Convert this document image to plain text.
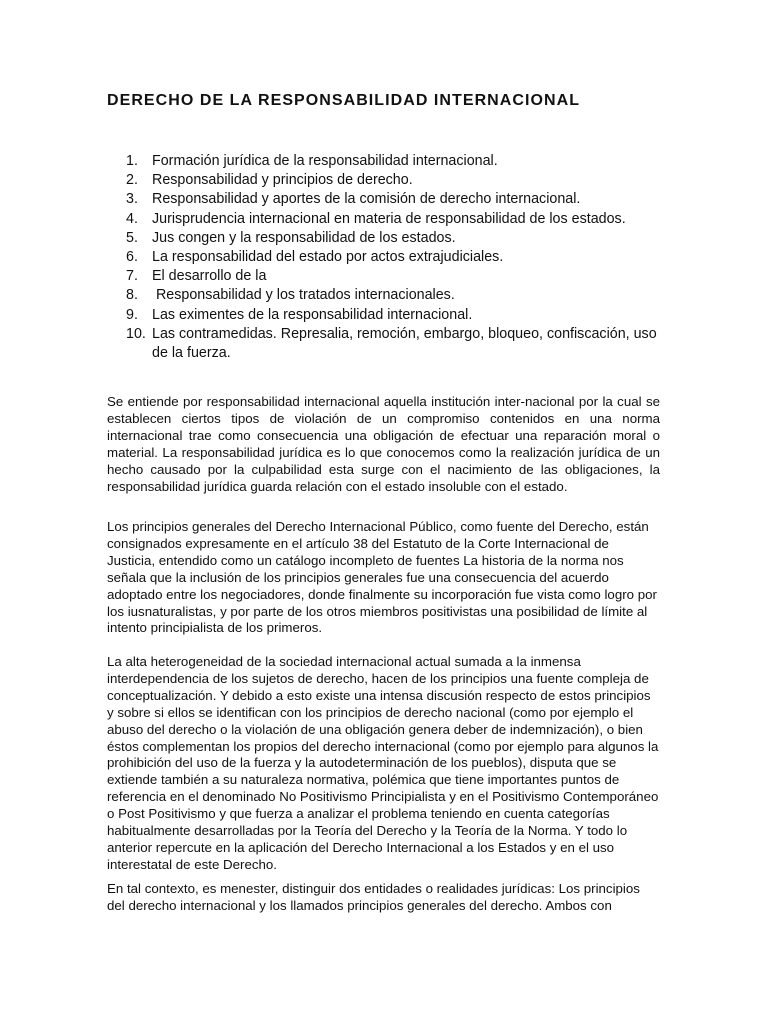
DERECHO DE LA RESPONSABILIDAD INTERNACIONAL
1. Formación jurídica de la responsabilidad internacional.
2. Responsabilidad y principios de derecho.
3. Responsabilidad y aportes de la comisión de derecho internacional.
4. Jurisprudencia internacional en materia de responsabilidad de los estados.
5. Jus congen y la responsabilidad de los estados.
6. La responsabilidad del estado por actos extrajudiciales.
7. El desarrollo de la
8. Responsabilidad y los tratados internacionales.
9. Las eximentes de la responsabilidad internacional.
10. Las contramedidas. Represalia, remoción, embargo, bloqueo, confiscación, uso de la fuerza.

Se entiende por responsabilidad internacional aquella institución inter-nacional por la cual se establecen ciertos tipos de violación de un compromiso contenidos en una norma internacional trae como consecuencia una obligación de efectuar una reparación moral o material. La responsabilidad jurídica es lo que conocemos como la realización jurídica de un hecho causado por la culpabilidad esta surge con el nacimiento de las obligaciones, la responsabilidad jurídica guarda relación con el estado insoluble con el estado.

Los principios generales del Derecho Internacional Público, como fuente del Derecho, están consignados expresamente en el artículo 38 del Estatuto de la Corte Internacional de Justicia, entendido como un catálogo incompleto de fuentes La historia de la norma nos señala que la inclusión de los principios generales fue una consecuencia del acuerdo adoptado entre los negociadores, donde finalmente su incorporación fue vista como logro por los iusnaturalistas, y por parte de los otros miembros positivistas una posibilidad de límite al intento principialista de los primeros.

La alta heterogeneidad de la sociedad internacional actual sumada a la inmensa interdependencia de los sujetos de derecho, hacen de los principios una fuente compleja de conceptualización. Y debido a esto existe una intensa discusión respecto de estos principios y sobre si ellos se identifican con los principios de derecho nacional (como por ejemplo el abuso del derecho o la violación de una obligación genera deber de indemnización), o bien éstos complementan los propios del derecho internacional (como por ejemplo para algunos la prohibición del uso de la fuerza y la autodeterminación de los pueblos), disputa que se extiende también a su naturaleza normativa, polémica que tiene importantes puntos de referencia en el denominado No Positivismo Principialista y en el Positivismo Contemporáneo o Post Positivismo y que fuerza a analizar el problema teniendo en cuenta categorías habitualmente desarrolladas por la Teoría del Derecho y la Teoría de la Norma. Y todo lo anterior repercute en la aplicación del Derecho Internacional a los Estados y en el uso interestatal de este Derecho.

En tal contexto, es menester, distinguir dos entidades o realidades jurídicas: Los principios del derecho internacional y los llamados principios generales del derecho. Ambos con
